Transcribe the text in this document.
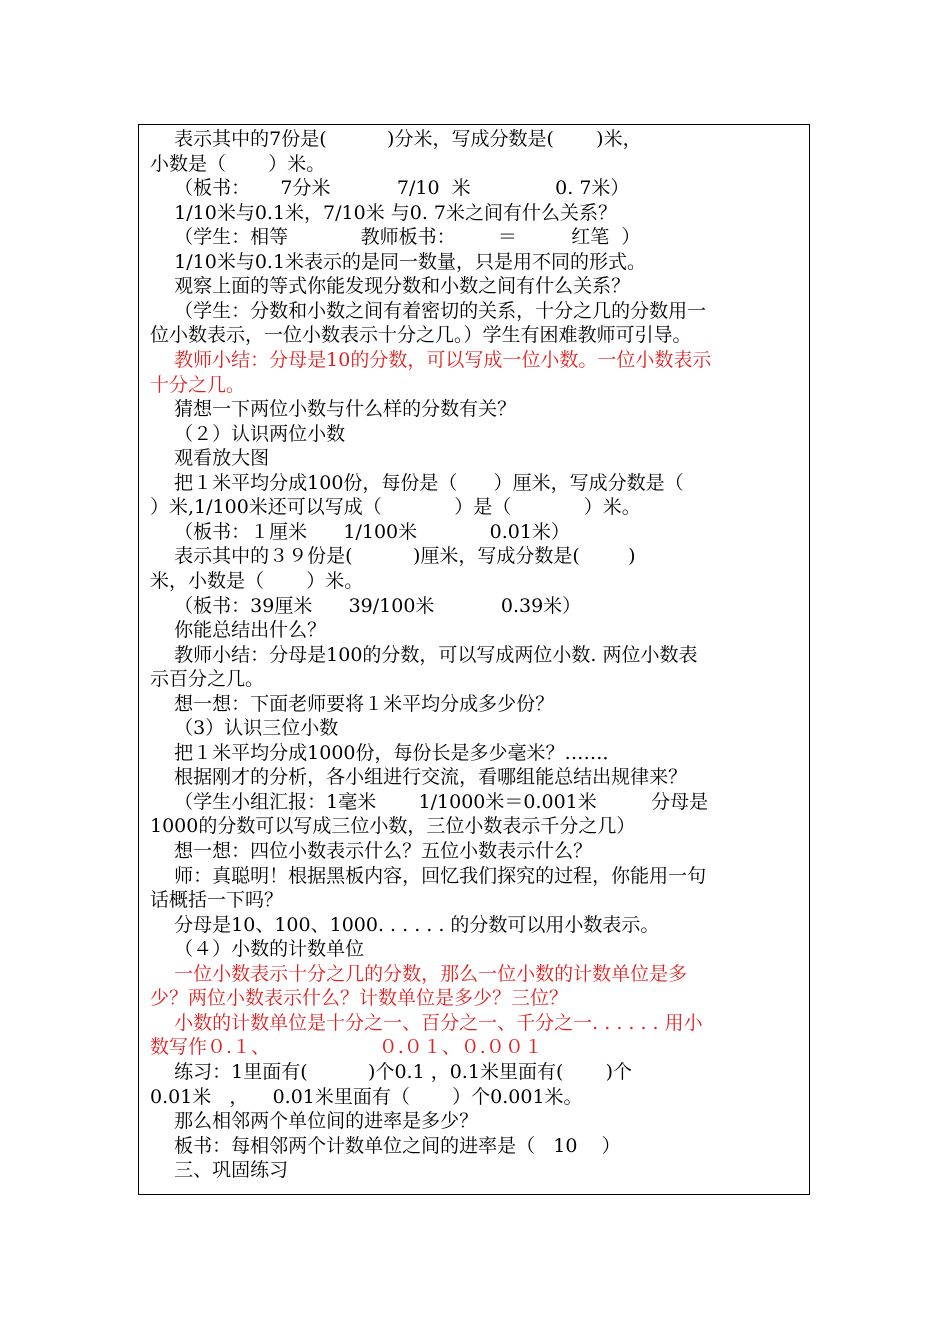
表示其中的7份是(          )分米，写成分数是(       )米，
小数是（       ）米。
（板书：     7分米           7/10  米              0. 7米）
1/10米与0.1米，7/10米 与0. 7米之间有什么关系？
（学生：相等            教师板书：       ＝         红笔  ）
1/10米与0.1米表示的是同一数量，只是用不同的形式。
观察上面的等式你能发现分数和小数之间有什么关系？
（学生：分数和小数之间有着密切的关系，十分之几的分数用一
位小数表示，一位小数表示十分之几。）学生有困难教师可引导。
教师小结：分母是10的分数，可以写成一位小数。一位小数表示
十分之几。
猜想一下两位小数与什么样的分数有关？
（２）认识两位小数
观看放大图
把１米平均分成100份，每份是（      ）厘米，写成分数是（
）米,1/100米还可以写成（            ）是（            ）米。
（板书：１厘米      1/100米            0.01米）
表示其中的３９份是(          )厘米，写成分数是(        )
米，小数是（       ）米。
（板书：39厘米      39/100米           0.39米）
你能总结出什么？
教师小结：分母是100的分数，可以写成两位小数. 两位小数表
示百分之几。
想一想：下面老师要将１米平均分成多少份？
（3）认识三位小数
把１米平均分成1000份，每份长是多少毫米？……．
根据刚才的分析，各小组进行交流，看哪组能总结出规律来？
（学生小组汇报：1毫米       1/1000米＝0.001米         分母是
1000的分数可以写成三位小数，三位小数表示千分之几）
想一想：四位小数表示什么？五位小数表示什么？
师：真聪明！根据黑板内容，回忆我们探究的过程，你能用一句
话概括一下吗？
分母是10、100、1000. . . . . . 的分数可以用小数表示。
（４）小数的计数单位
一位小数表示十分之几的分数，那么一位小数的计数单位是多
少？两位小数表示什么？计数单位是多少？三位？
小数的计数单位是十分之一、百分之一、千分之一. . . . . . 用小
数写作０.１、                  ０.０１、０.００１
练习：1里面有(          )个0.1 ，0.1米里面有(       )个
0.01米   ，    0.01米里面有（       ）个0.001米。
那么相邻两个单位间的进率是多少？
板书：每相邻两个计数单位之间的进率是（   10    ）
三、巩固练习
